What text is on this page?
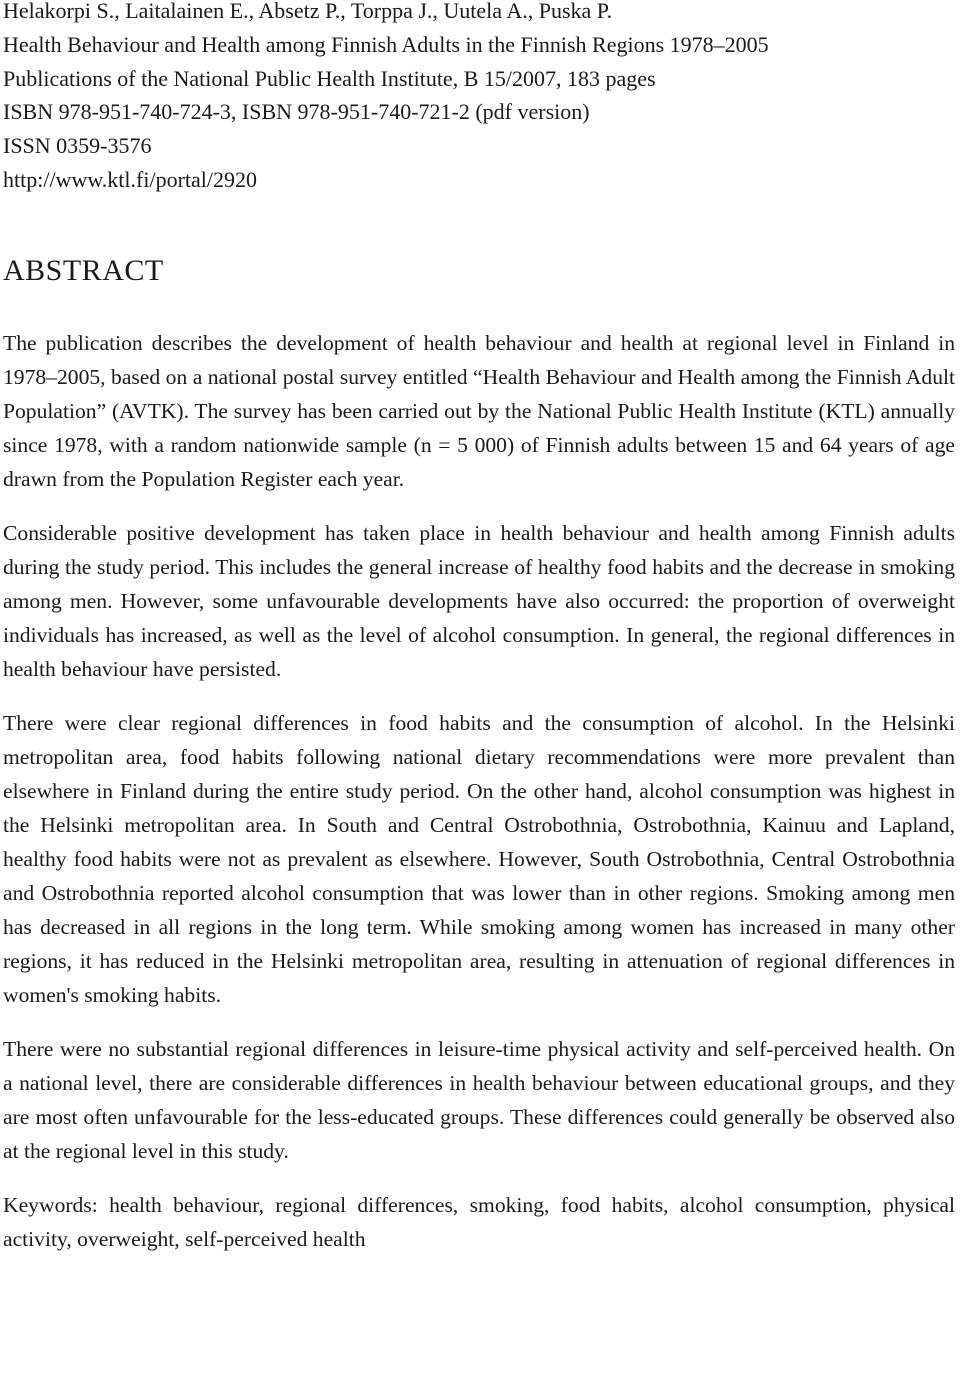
Helakorpi S., Laitalainen E., Absetz P., Torppa J., Uutela A., Puska P.
Health Behaviour and Health among Finnish Adults in the Finnish Regions 1978–2005
Publications of the National Public Health Institute, B 15/2007, 183 pages
ISBN 978-951-740-724-3, ISBN 978-951-740-721-2 (pdf version)
ISSN 0359-3576
http://www.ktl.fi/portal/2920
ABSTRACT

The publication describes the development of health behaviour and health at regional level in Finland in 1978–2005, based on a national postal survey entitled “Health Behaviour and Health among the Finnish Adult Population” (AVTK). The survey has been carried out by the National Public Health Institute (KTL) annually since 1978, with a random nationwide sample (n = 5 000) of Finnish adults between 15 and 64 years of age drawn from the Population Register each year.

Considerable positive development has taken place in health behaviour and health among Finnish adults during the study period. This includes the general increase of healthy food habits and the decrease in smoking among men. However, some unfavourable developments have also occurred: the proportion of overweight individuals has increased, as well as the level of alcohol consumption. In general, the regional differences in health behaviour have persisted.

There were clear regional differences in food habits and the consumption of alcohol. In the Helsinki metropolitan area, food habits following national dietary recommendations were more prevalent than elsewhere in Finland during the entire study period. On the other hand, alcohol consumption was highest in the Helsinki metropolitan area. In South and Central Ostrobothnia, Ostrobothnia, Kainuu and Lapland, healthy food habits were not as prevalent as elsewhere. However, South Ostrobothnia, Central Ostrobothnia and Ostrobothnia reported alcohol consumption that was lower than in other regions. Smoking among men has decreased in all regions in the long term. While smoking among women has increased in many other regions, it has reduced in the Helsinki metropolitan area, resulting in attenuation of regional differences in women's smoking habits.

There were no substantial regional differences in leisure-time physical activity and self-perceived health. On a national level, there are considerable differences in health behaviour between educational groups, and they are most often unfavourable for the less-educated groups. These differences could generally be observed also at the regional level in this study.

Keywords: health behaviour, regional differences, smoking, food habits, alcohol consumption, physical activity, overweight, self-perceived health
